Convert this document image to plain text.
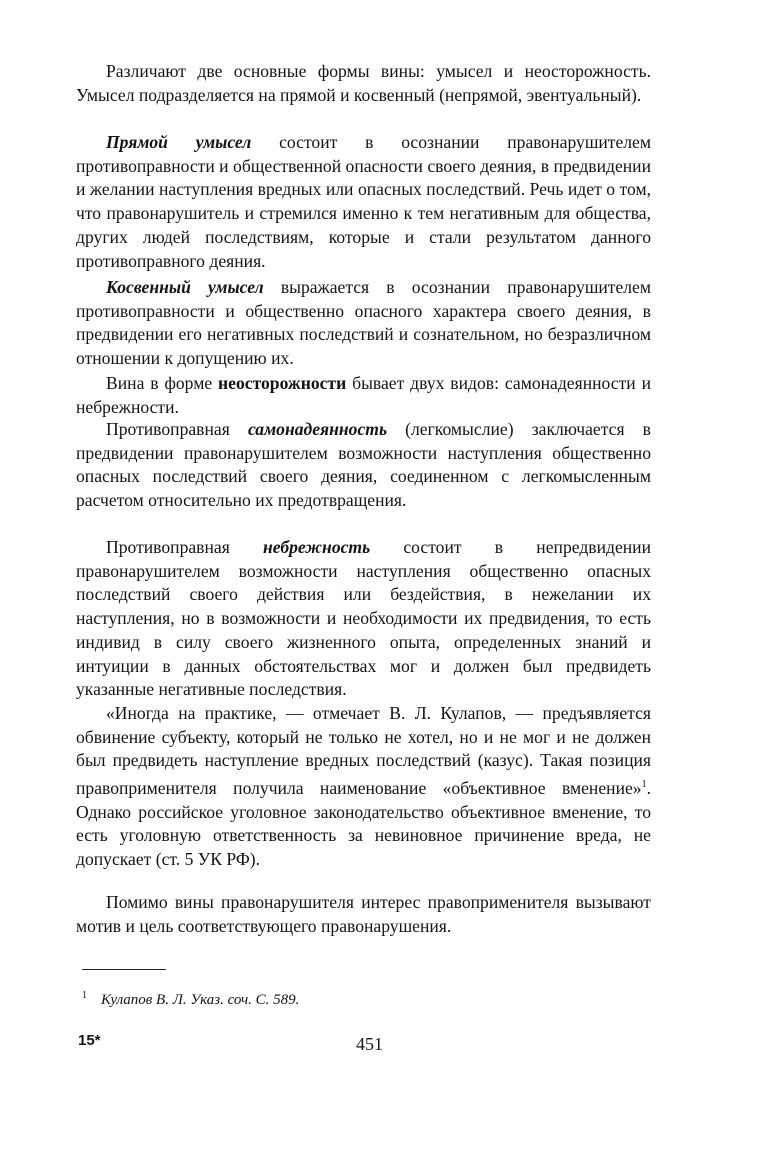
Различают две основные формы вины: умысел и неосторожность. Умысел подразделяется на прямой и косвенный (непрямой, эвентуальный).

Прямой умысел состоит в осознании правонарушителем противоправности и общественной опасности своего деяния, в предвидении и желании наступления вредных или опасных последствий. Речь идет о том, что правонарушитель и стремился именно к тем негативным для общества, других людей последствиям, которые и стали результатом данного противоправного деяния.

Косвенный умысел выражается в осознании правонарушителем противоправности и общественно опасного характера своего деяния, в предвидении его негативных последствий и сознательном, но безразличном отношении к допущению их.

Вина в форме неосторожности бывает двух видов: самонадеянности и небрежности.

Противоправная самонадеянность (легкомыслие) заключается в предвидении правонарушителем возможности наступления общественно опасных последствий своего деяния, соединенном с легкомысленным расчетом относительно их предотвращения.

Противоправная небрежность состоит в непредвидении правонарушителем возможности наступления общественно опасных последствий своего действия или бездействия, в нежелании их наступления, но в возможности и необходимости их предвидения, то есть индивид в силу своего жизненного опыта, определенных знаний и интуиции в данных обстоятельствах мог и должен был предвидеть указанные негативные последствия.

«Иногда на практике, — отмечает В. Л. Кулапов, — предъявляется обвинение субъекту, который не только не хотел, но и не мог и не должен был предвидеть наступление вредных последствий (казус). Такая позиция правоприменителя получила наименование «объективное вменение»$^1$. Однако российское уголовное законодательство объективное вменение, то есть уголовную ответственность за невиновное причинение вреда, не допускает (ст. 5 УК РФ).

Помимо вины правонарушителя интерес правоприменителя вызывают мотив и цель соответствующего правонарушения.

$^1$ Кулапов В. Л. Указ. соч. С. 589.
15*	451
